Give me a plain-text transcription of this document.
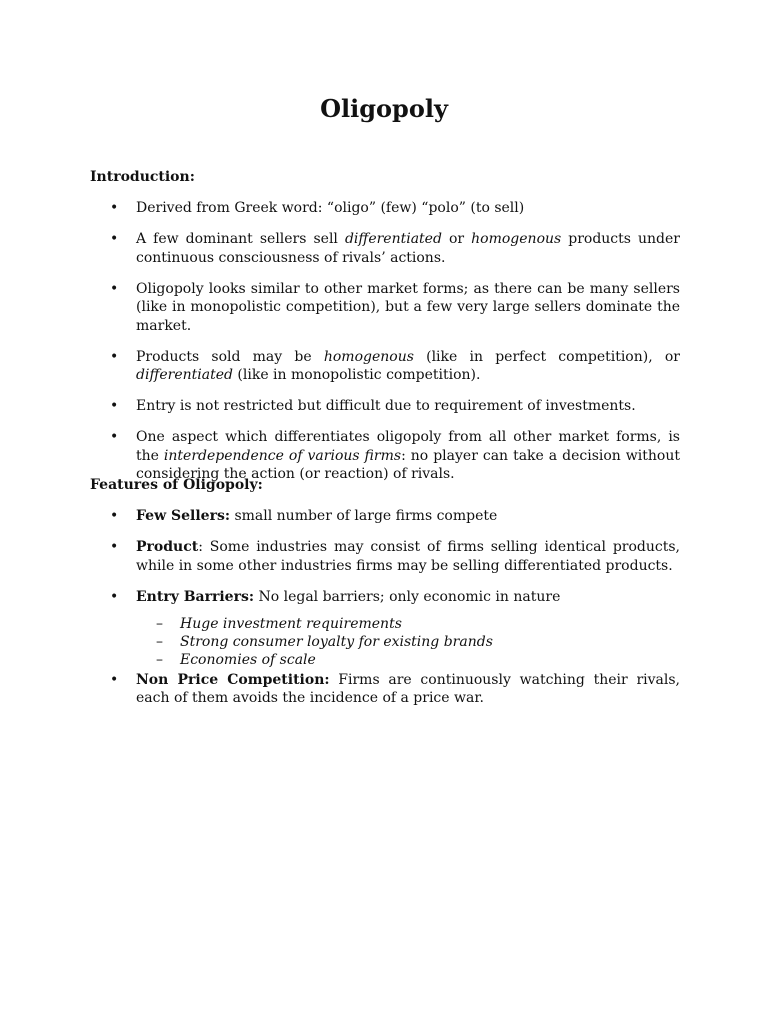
Oligopoly

Introduction:

• Derived from Greek word: “oligo” (few) “polo” (to sell)
• A few dominant sellers sell differentiated or homogenous products under continuous consciousness of rivals’ actions.
• Oligopoly looks similar to other market forms; as there can be many sellers (like in monopolistic competition), but a few very large sellers dominate the market.
• Products sold may be homogenous (like in perfect competition), or differentiated (like in monopolistic competition).
• Entry is not restricted but difficult due to requirement of investments.
• One aspect which differentiates oligopoly from all other market forms, is the interdependence of various firms: no player can take a decision without considering the action (or reaction) of rivals.

Features of Oligopoly:

• Few Sellers: small number of large firms compete
• Product: Some industries may consist of firms selling identical products, while in some other industries firms may be selling differentiated products.
• Entry Barriers: No legal barriers; only economic in nature
– Huge investment requirements
– Strong consumer loyalty for existing brands
– Economies of scale
• Non Price Competition: Firms are continuously watching their rivals, each of them avoids the incidence of a price war.
